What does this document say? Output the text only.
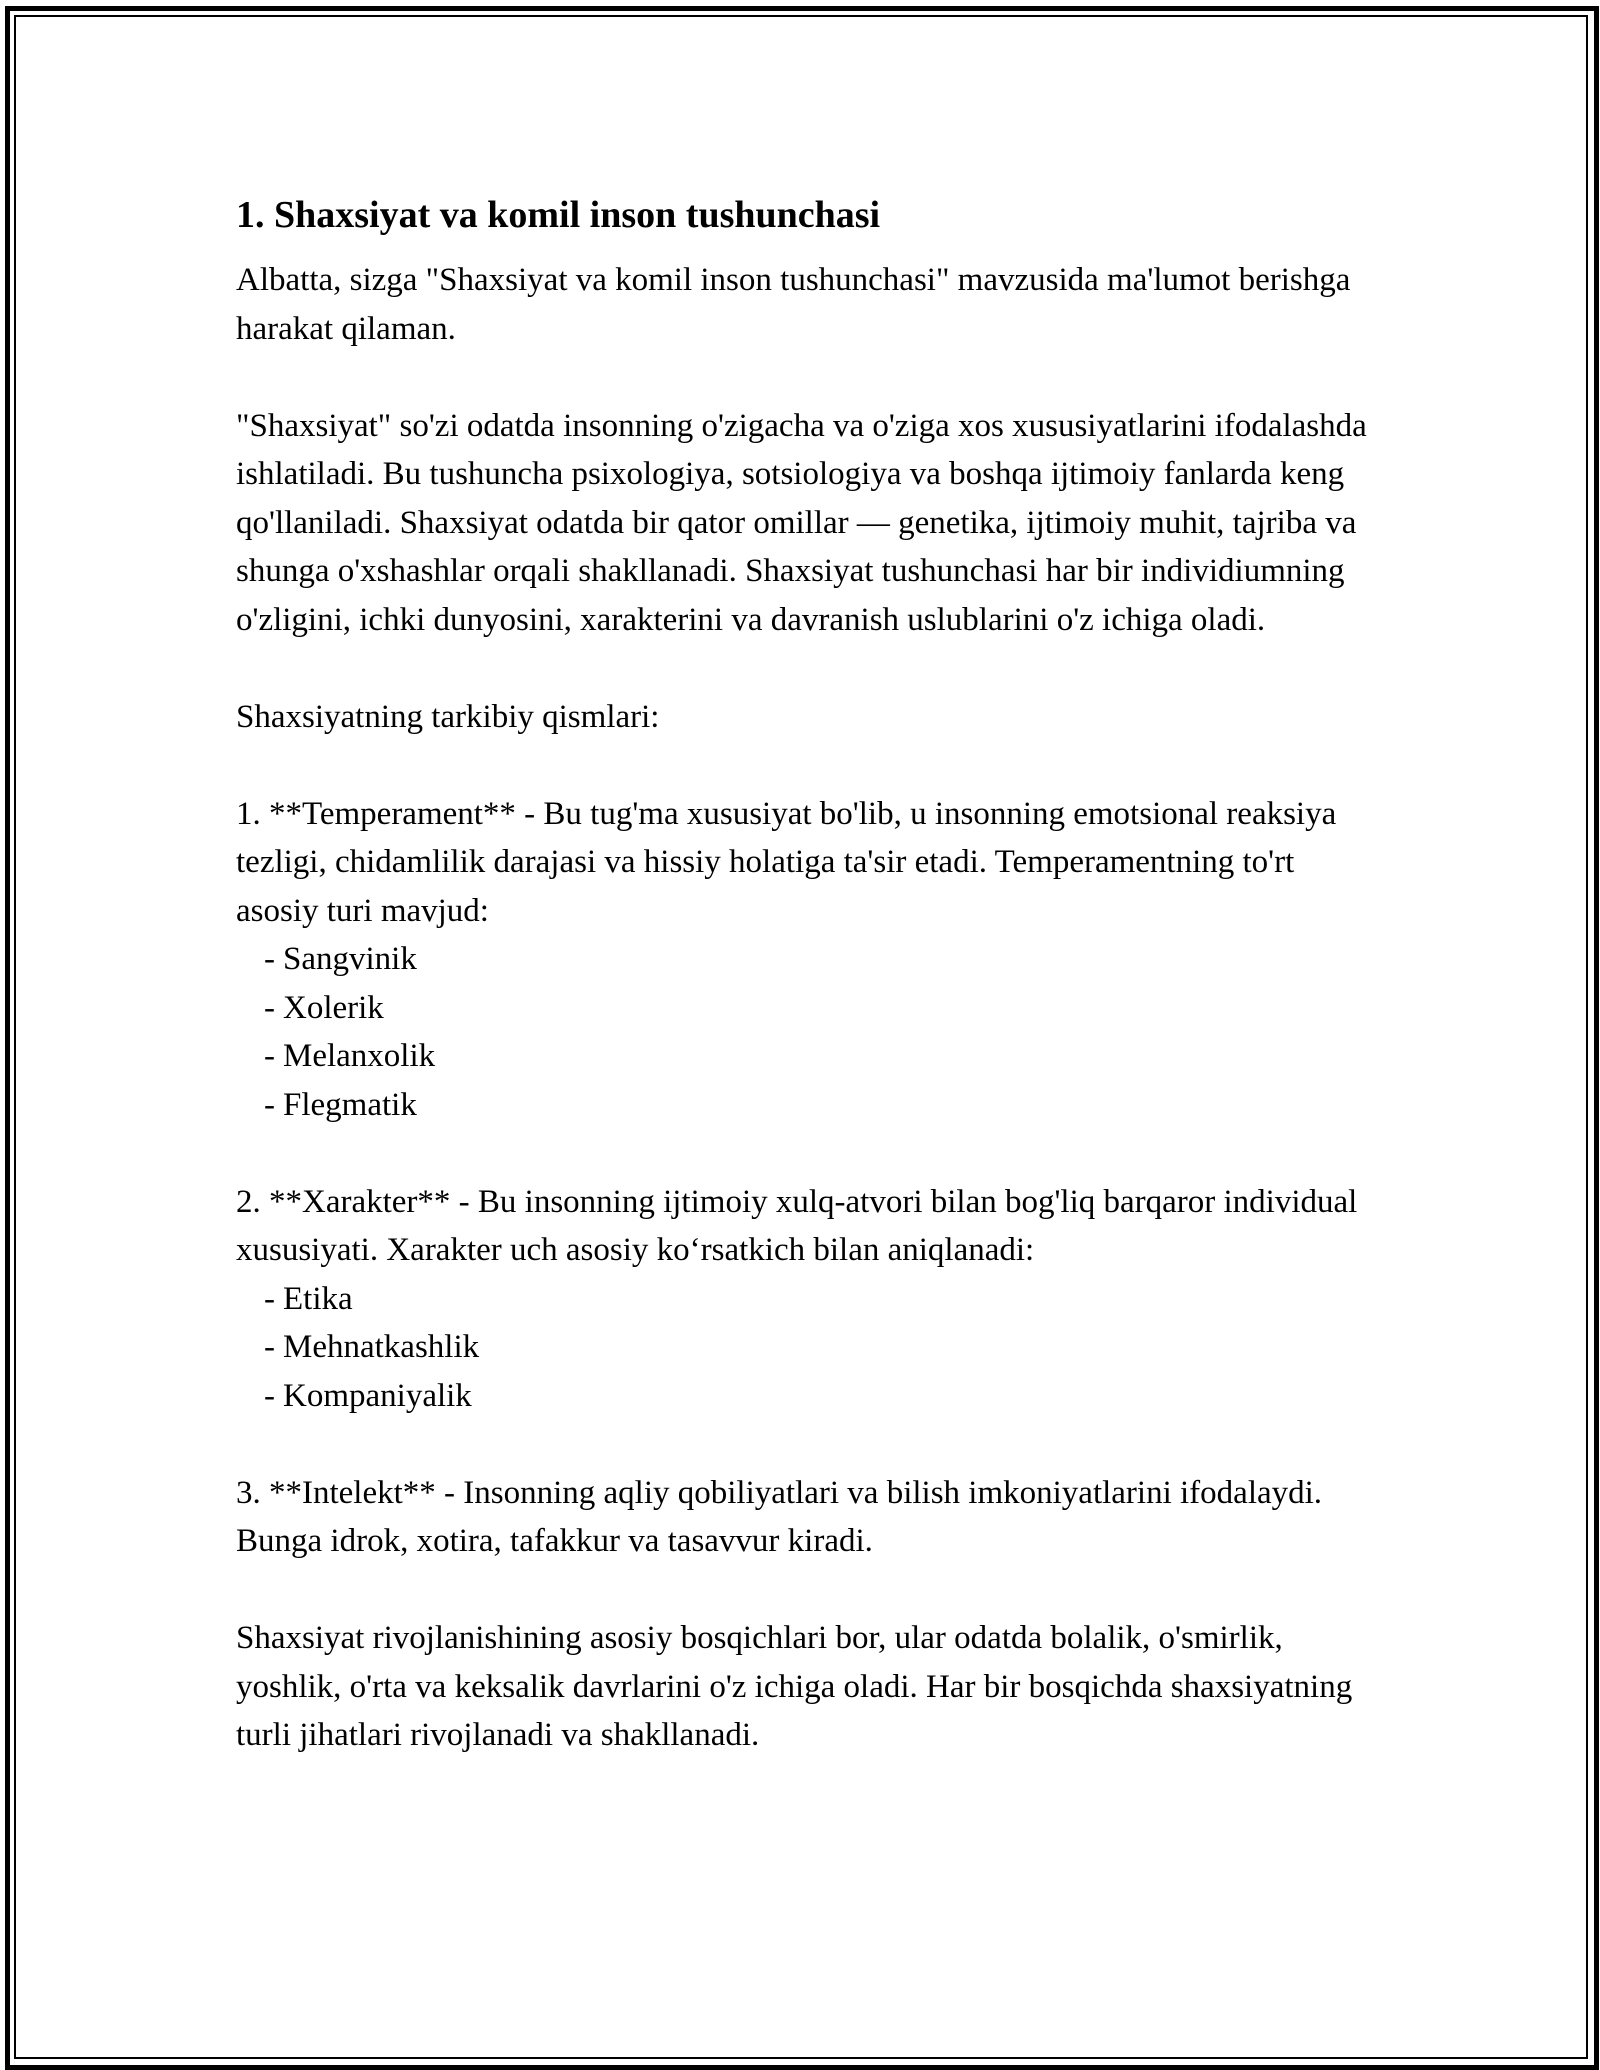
1. Shaxsiyat va komil inson tushunchasi

Albatta, sizga "Shaxsiyat va komil inson tushunchasi" mavzusida ma'lumot berishga harakat qilaman.

"Shaxsiyat" so'zi odatda insonning o'zigacha va o'ziga xos xususiyatlarini ifodalashda ishlatiladi. Bu tushuncha psixologiya, sotsiologiya va boshqa ijtimoiy fanlarda keng qo'llaniladi. Shaxsiyat odatda bir qator omillar — genetika, ijtimoiy muhit, tajriba va shunga o'xshashlar orqali shakllanadi. Shaxsiyat tushunchasi har bir individiumning o'zligini, ichki dunyosini, xarakterini va davranish uslublarini o'z ichiga oladi.

Shaxsiyatning tarkibiy qismlari:

1. **Temperament** - Bu tug'ma xususiyat bo'lib, u insonning emotsional reaksiya tezligi, chidamlilik darajasi va hissiy holatiga ta'sir etadi. Temperamentning to'rt asosiy turi mavjud:

- Sangvinik
- Xolerik
- Melanxolik
- Flegmatik

2. **Xarakter** - Bu insonning ijtimoiy xulq-atvori bilan bog'liq barqaror individual xususiyati. Xarakter uch asosiy ko‘rsatkich bilan aniqlanadi:

- Etika
- Mehnatkashlik
- Kompaniyalik

3. **Intelekt** - Insonning aqliy qobiliyatlari va bilish imkoniyatlarini ifodalaydi. Bunga idrok, xotira, tafakkur va tasavvur kiradi.

Shaxsiyat rivojlanishining asosiy bosqichlari bor, ular odatda bolalik, o'smirlik, yoshlik, o'rta va keksalik davrlarini o'z ichiga oladi. Har bir bosqichda shaxsiyatning turli jihatlari rivojlanadi va shakllanadi.
